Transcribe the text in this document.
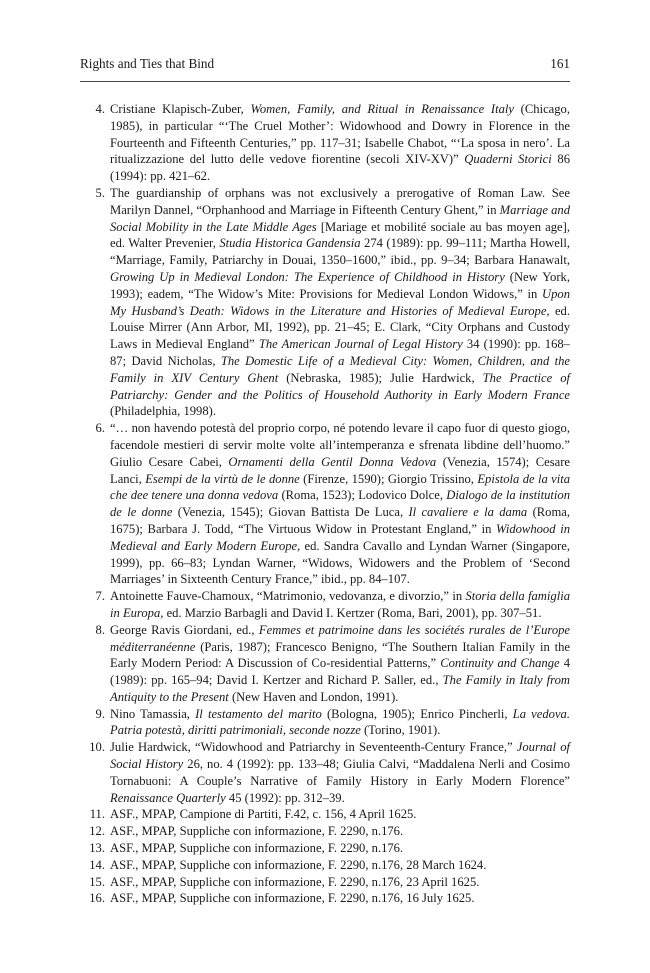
Rights and Ties that Bind	161
4. Cristiane Klapisch-Zuber, Women, Family, and Ritual in Renaissance Italy (Chicago, 1985), in particular “‘The Cruel Mother’: Widowhood and Dowry in Florence in the Fourteenth and Fifteenth Centuries,” pp. 117–31; Isabelle Chabot, “‘La sposa in nero’. La ritualizzazione del lutto delle vedove fiorentine (secoli XIV-XV)” Quaderni Storici 86 (1994): pp. 421–62.
5. The guardianship of orphans was not exclusively a prerogative of Roman Law. See Marilyn Dannel, “Orphanhood and Marriage in Fifteenth Century Ghent,” in Marriage and Social Mobility in the Late Middle Ages [Mariage et mobilité sociale au bas moyen age], ed. Walter Prevenier, Studia Historica Gandensia 274 (1989): pp. 99–111; Martha Howell, “Marriage, Family, Patriarchy in Douai, 1350–1600,” ibid., pp. 9–34; Barbara Hanawalt, Growing Up in Medieval London: The Experience of Childhood in History (New York, 1993); eadem, “The Widow’s Mite: Provisions for Medieval London Widows,” in Upon My Husband’s Death: Widows in the Literature and Histories of Medieval Europe, ed. Louise Mirrer (Ann Arbor, MI, 1992), pp. 21–45; E. Clark, “City Orphans and Custody Laws in Medieval England” The American Journal of Legal History 34 (1990): pp. 168–87; David Nicholas, The Domestic Life of a Medieval City: Women, Children, and the Family in XIV Century Ghent (Nebraska, 1985); Julie Hardwick, The Practice of Patriarchy: Gender and the Politics of Household Authority in Early Modern France (Philadelphia, 1998).
6. “… non havendo potestà del proprio corpo, né potendo levare il capo fuor di questo giogo, facendole mestieri di servir molte volte all’intemperanza e sfrenata libdine dell’huomo.” Giulio Cesare Cabei, Ornamenti della Gentil Donna Vedova (Venezia, 1574); Cesare Lanci, Esempi de la virtù de le donne (Firenze, 1590); Giorgio Trissino, Epistola de la vita che dee tenere una donna vedova (Roma, 1523); Lodovico Dolce, Dialogo de la institution de le donne (Venezia, 1545); Giovan Battista De Luca, Il cavaliere e la dama (Roma, 1675); Barbara J. Todd, “The Virtuous Widow in Protestant England,” in Widowhood in Medieval and Early Modern Europe, ed. Sandra Cavallo and Lyndan Warner (Singapore, 1999), pp. 66–83; Lyndan Warner, “Widows, Widowers and the Problem of ‘Second Marriages’ in Sixteenth Century France,” ibid., pp. 84–107.
7. Antoinette Fauve-Chamoux, “Matrimonio, vedovanza, e divorzio,” in Storia della famiglia in Europa, ed. Marzio Barbagli and David I. Kertzer (Roma, Bari, 2001), pp. 307–51.
8. George Ravis Giordani, ed., Femmes et patrimoine dans les sociétés rurales de l’Europe méditerranéenne (Paris, 1987); Francesco Benigno, “The Southern Italian Family in the Early Modern Period: A Discussion of Co-residential Patterns,” Continuity and Change 4 (1989): pp. 165–94; David I. Kertzer and Richard P. Saller, ed., The Family in Italy from Antiquity to the Present (New Haven and London, 1991).
9. Nino Tamassia, Il testamento del marito (Bologna, 1905); Enrico Pincherli, La vedova. Patria potestà, diritti patrimoniali, seconde nozze (Torino, 1901).
10. Julie Hardwick, “Widowhood and Patriarchy in Seventeenth-Century France,” Journal of Social History 26, no. 4 (1992): pp. 133–48; Giulia Calvi, “Maddalena Nerli and Cosimo Tornabuoni: A Couple’s Narrative of Family History in Early Modern Florence” Renaissance Quarterly 45 (1992): pp. 312–39.
11. ASF., MPAP, Campione di Partiti, F.42, c. 156, 4 April 1625.
12. ASF., MPAP, Suppliche con informazione, F. 2290, n.176.
13. ASF., MPAP, Suppliche con informazione, F. 2290, n.176.
14. ASF., MPAP, Suppliche con informazione, F. 2290, n.176, 28 March 1624.
15. ASF., MPAP, Suppliche con informazione, F. 2290, n.176, 23 April 1625.
16. ASF., MPAP, Suppliche con informazione, F. 2290, n.176, 16 July 1625.
